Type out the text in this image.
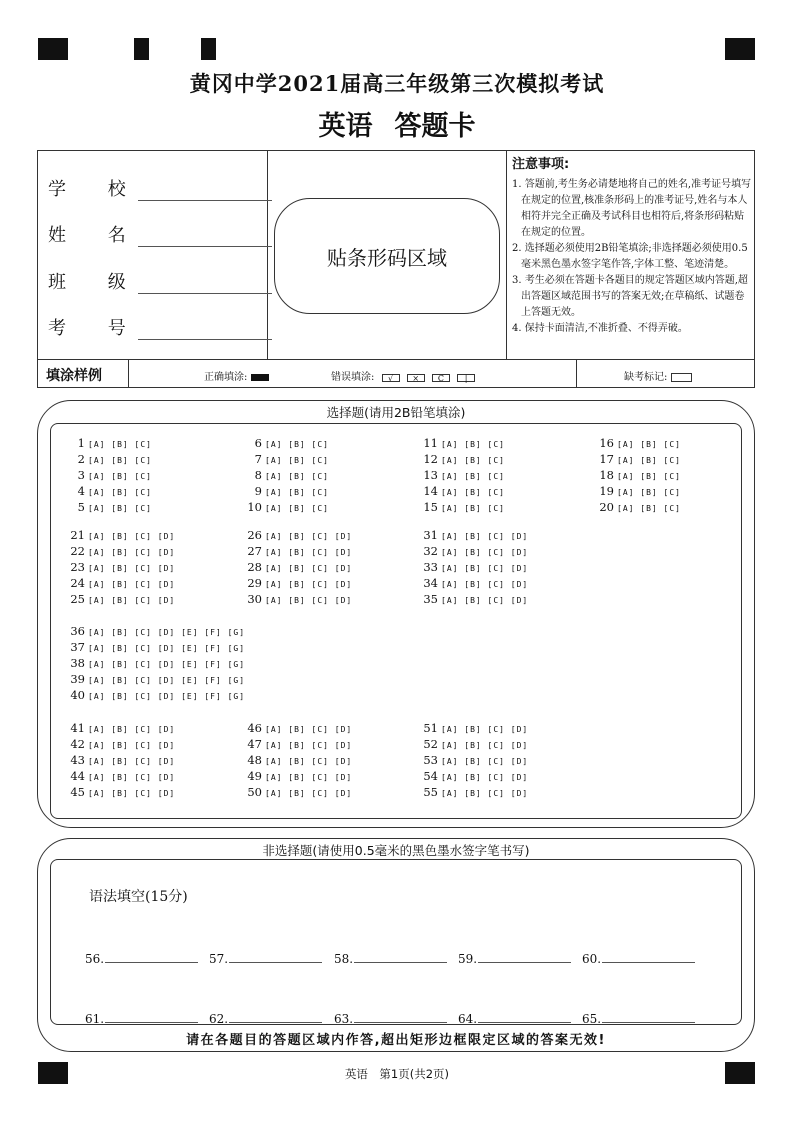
黄冈中学2021届高三年级第三次模拟考试
英语 答题卡
学 校
姓 名
班 级
考 号
贴条形码区域
注意事项:
1. 答题前,考生务必请楚地将自己的姓名,准考证号填写在规定的位置,核准条形码上的准考证号,姓名与本人相符并完全正确及考试科目也相符后,将条形码粘贴在规定的位置。
2. 选择题必须使用2B铅笔填涂;非选择题必须使用0.5毫米黑色墨水签字笔作答,字体工整、笔迹清楚。
3. 考生必须在答题卡各题目的规定答题区域内答题,超出答题区域范围书写的答案无效;在草稿纸、试题卷上答题无效。
4. 保持卡面清洁,不准折叠、不得弄破。
填涂样例	正确填涂:	错误填涂: √ × C	|	缺考标记:
选择题(请用2B铅笔填涂)
1 [A] [B] [C]
2 [A] [B] [C]
3 [A] [B] [C]
4 [A] [B] [C]
5 [A] [B] [C]
6 [A] [B] [C]
7 [A] [B] [C]
8 [A] [B] [C]
9 [A] [B] [C]
10 [A] [B] [C]
11 [A] [B] [C]
12 [A] [B] [C]
13 [A] [B] [C]
14 [A] [B] [C]
15 [A] [B] [C]
16 [A] [B] [C]
17 [A] [B] [C]
18 [A] [B] [C]
19 [A] [B] [C]
20 [A] [B] [C]
21 [A] [B] [C] [D]
22 [A] [B] [C] [D]
23 [A] [B] [C] [D]
24 [A] [B] [C] [D]
25 [A] [B] [C] [D]
26 [A] [B] [C] [D]
27 [A] [B] [C] [D]
28 [A] [B] [C] [D]
29 [A] [B] [C] [D]
30 [A] [B] [C] [D]
31 [A] [B] [C] [D]
32 [A] [B] [C] [D]
33 [A] [B] [C] [D]
34 [A] [B] [C] [D]
35 [A] [B] [C] [D]
36 [A] [B] [C] [D] [E] [F] [G]
37 [A] [B] [C] [D] [E] [F] [G]
38 [A] [B] [C] [D] [E] [F] [G]
39 [A] [B] [C] [D] [E] [F] [G]
40 [A] [B] [C] [D] [E] [F] [G]
41 [A] [B] [C] [D]
42 [A] [B] [C] [D]
43 [A] [B] [C] [D]
44 [A] [B] [C] [D]
45 [A] [B] [C] [D]
46 [A] [B] [C] [D]
47 [A] [B] [C] [D]
48 [A] [B] [C] [D]
49 [A] [B] [C] [D]
50 [A] [B] [C] [D]
51 [A] [B] [C] [D]
52 [A] [B] [C] [D]
53 [A] [B] [C] [D]
54 [A] [B] [C] [D]
55 [A] [B] [C] [D]
非选择题(请使用0.5毫米的黑色墨水签字笔书写)
语法填空(15分)
56.	57.	58.	59.	60.
61.	62.	63.	64.	65.
请在各题目的答题区域内作答,超出矩形边框限定区域的答案无效!
英语　第1页(共2页)
